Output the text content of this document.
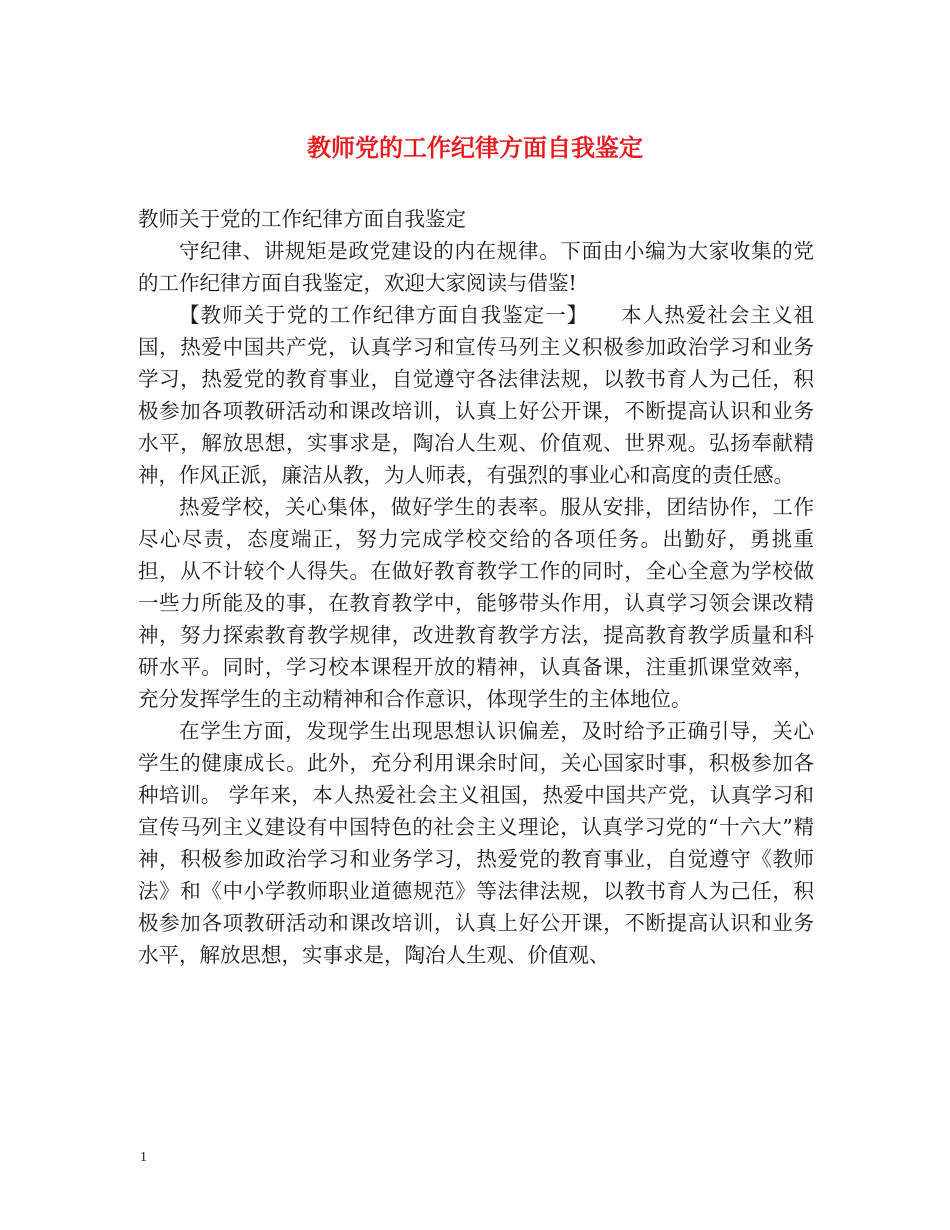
教师党的工作纪律方面自我鉴定

教师关于党的工作纪律方面自我鉴定

守纪律、讲规矩是政党建设的内在规律。下面由小编为大家收集的党的工作纪律方面自我鉴定，欢迎大家阅读与借鉴!

【教师关于党的工作纪律方面自我鉴定一】　　本人热爱社会主义祖国，热爱中国共产党，认真学习和宣传马列主义积极参加政治学习和业务学习，热爱党的教育事业，自觉遵守各法律法规，以教书育人为己任，积极参加各项教研活动和课改培训，认真上好公开课，不断提高认识和业务水平，解放思想，实事求是，陶冶人生观、价值观、世界观。弘扬奉献精神，作风正派，廉洁从教，为人师表，有强烈的事业心和高度的责任感。

热爱学校，关心集体，做好学生的表率。服从安排，团结协作，工作尽心尽责，态度端正，努力完成学校交给的各项任务。出勤好，勇挑重担，从不计较个人得失。在做好教育教学工作的同时，全心全意为学校做一些力所能及的事，在教育教学中，能够带头作用，认真学习领会课改精神，努力探索教育教学规律，改进教育教学方法，提高教育教学质量和科研水平。同时，学习校本课程开放的精神，认真备课，注重抓课堂效率，充分发挥学生的主动精神和合作意识，体现学生的主体地位。

在学生方面，发现学生出现思想认识偏差，及时给予正确引导，关心学生的健康成长。此外，充分利用课余时间，关心国家时事，积极参加各种培训。 学年来，本人热爱社会主义祖国，热爱中国共产党，认真学习和宣传马列主义建设有中国特色的社会主义理论，认真学习党的“十六大”精神，积极参加政治学习和业务学习，热爱党的教育事业，自觉遵守《教师法》和《中小学教师职业道德规范》等法律法规，以教书育人为己任，积极参加各项教研活动和课改培训，认真上好公开课，不断提高认识和业务水平，解放思想，实事求是，陶冶人生观、价值观、

1
